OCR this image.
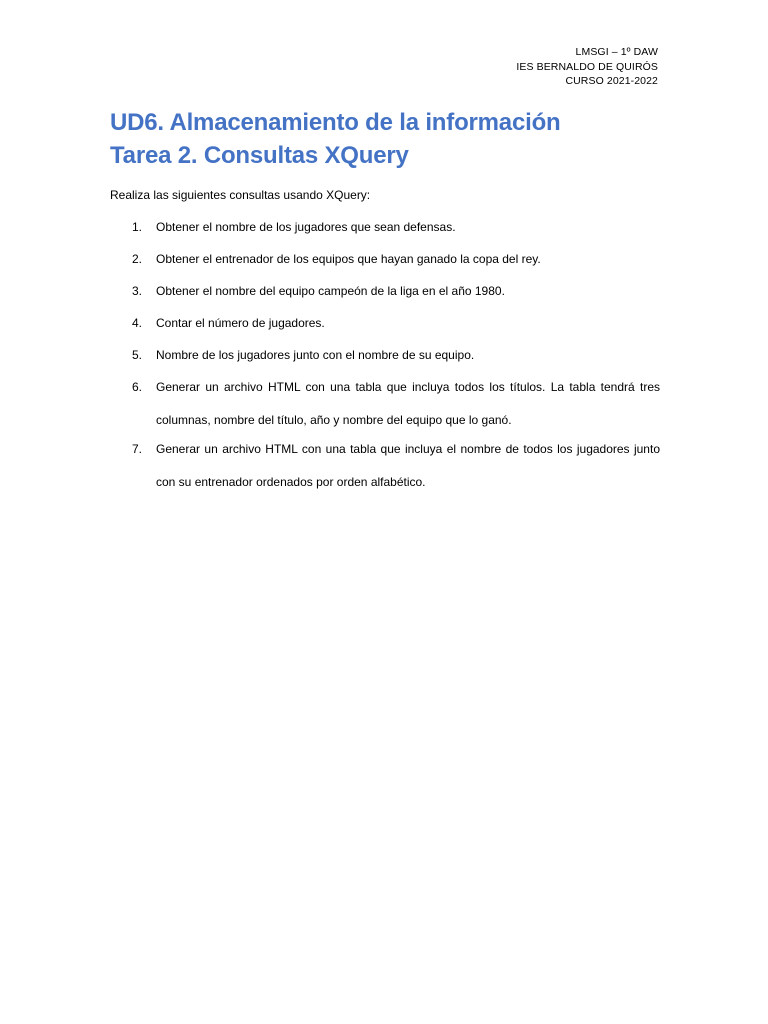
LMSGI – 1º DAW
IES BERNALDO DE QUIRÓS
CURSO 2021-2022
UD6. Almacenamiento de la información
Tarea 2. Consultas XQuery
Realiza las siguientes consultas usando XQuery:
1. Obtener el nombre de los jugadores que sean defensas.
2. Obtener el entrenador de los equipos que hayan ganado la copa del rey.
3. Obtener el nombre del equipo campeón de la liga en el año 1980.
4. Contar el número de jugadores.
5. Nombre de los jugadores junto con el nombre de su equipo.
6. Generar un archivo HTML con una tabla que incluya todos los títulos. La tabla tendrá tres columnas, nombre del título, año y nombre del equipo que lo ganó.
7. Generar un archivo HTML con una tabla que incluya el nombre de todos los jugadores junto con su entrenador ordenados por orden alfabético.
